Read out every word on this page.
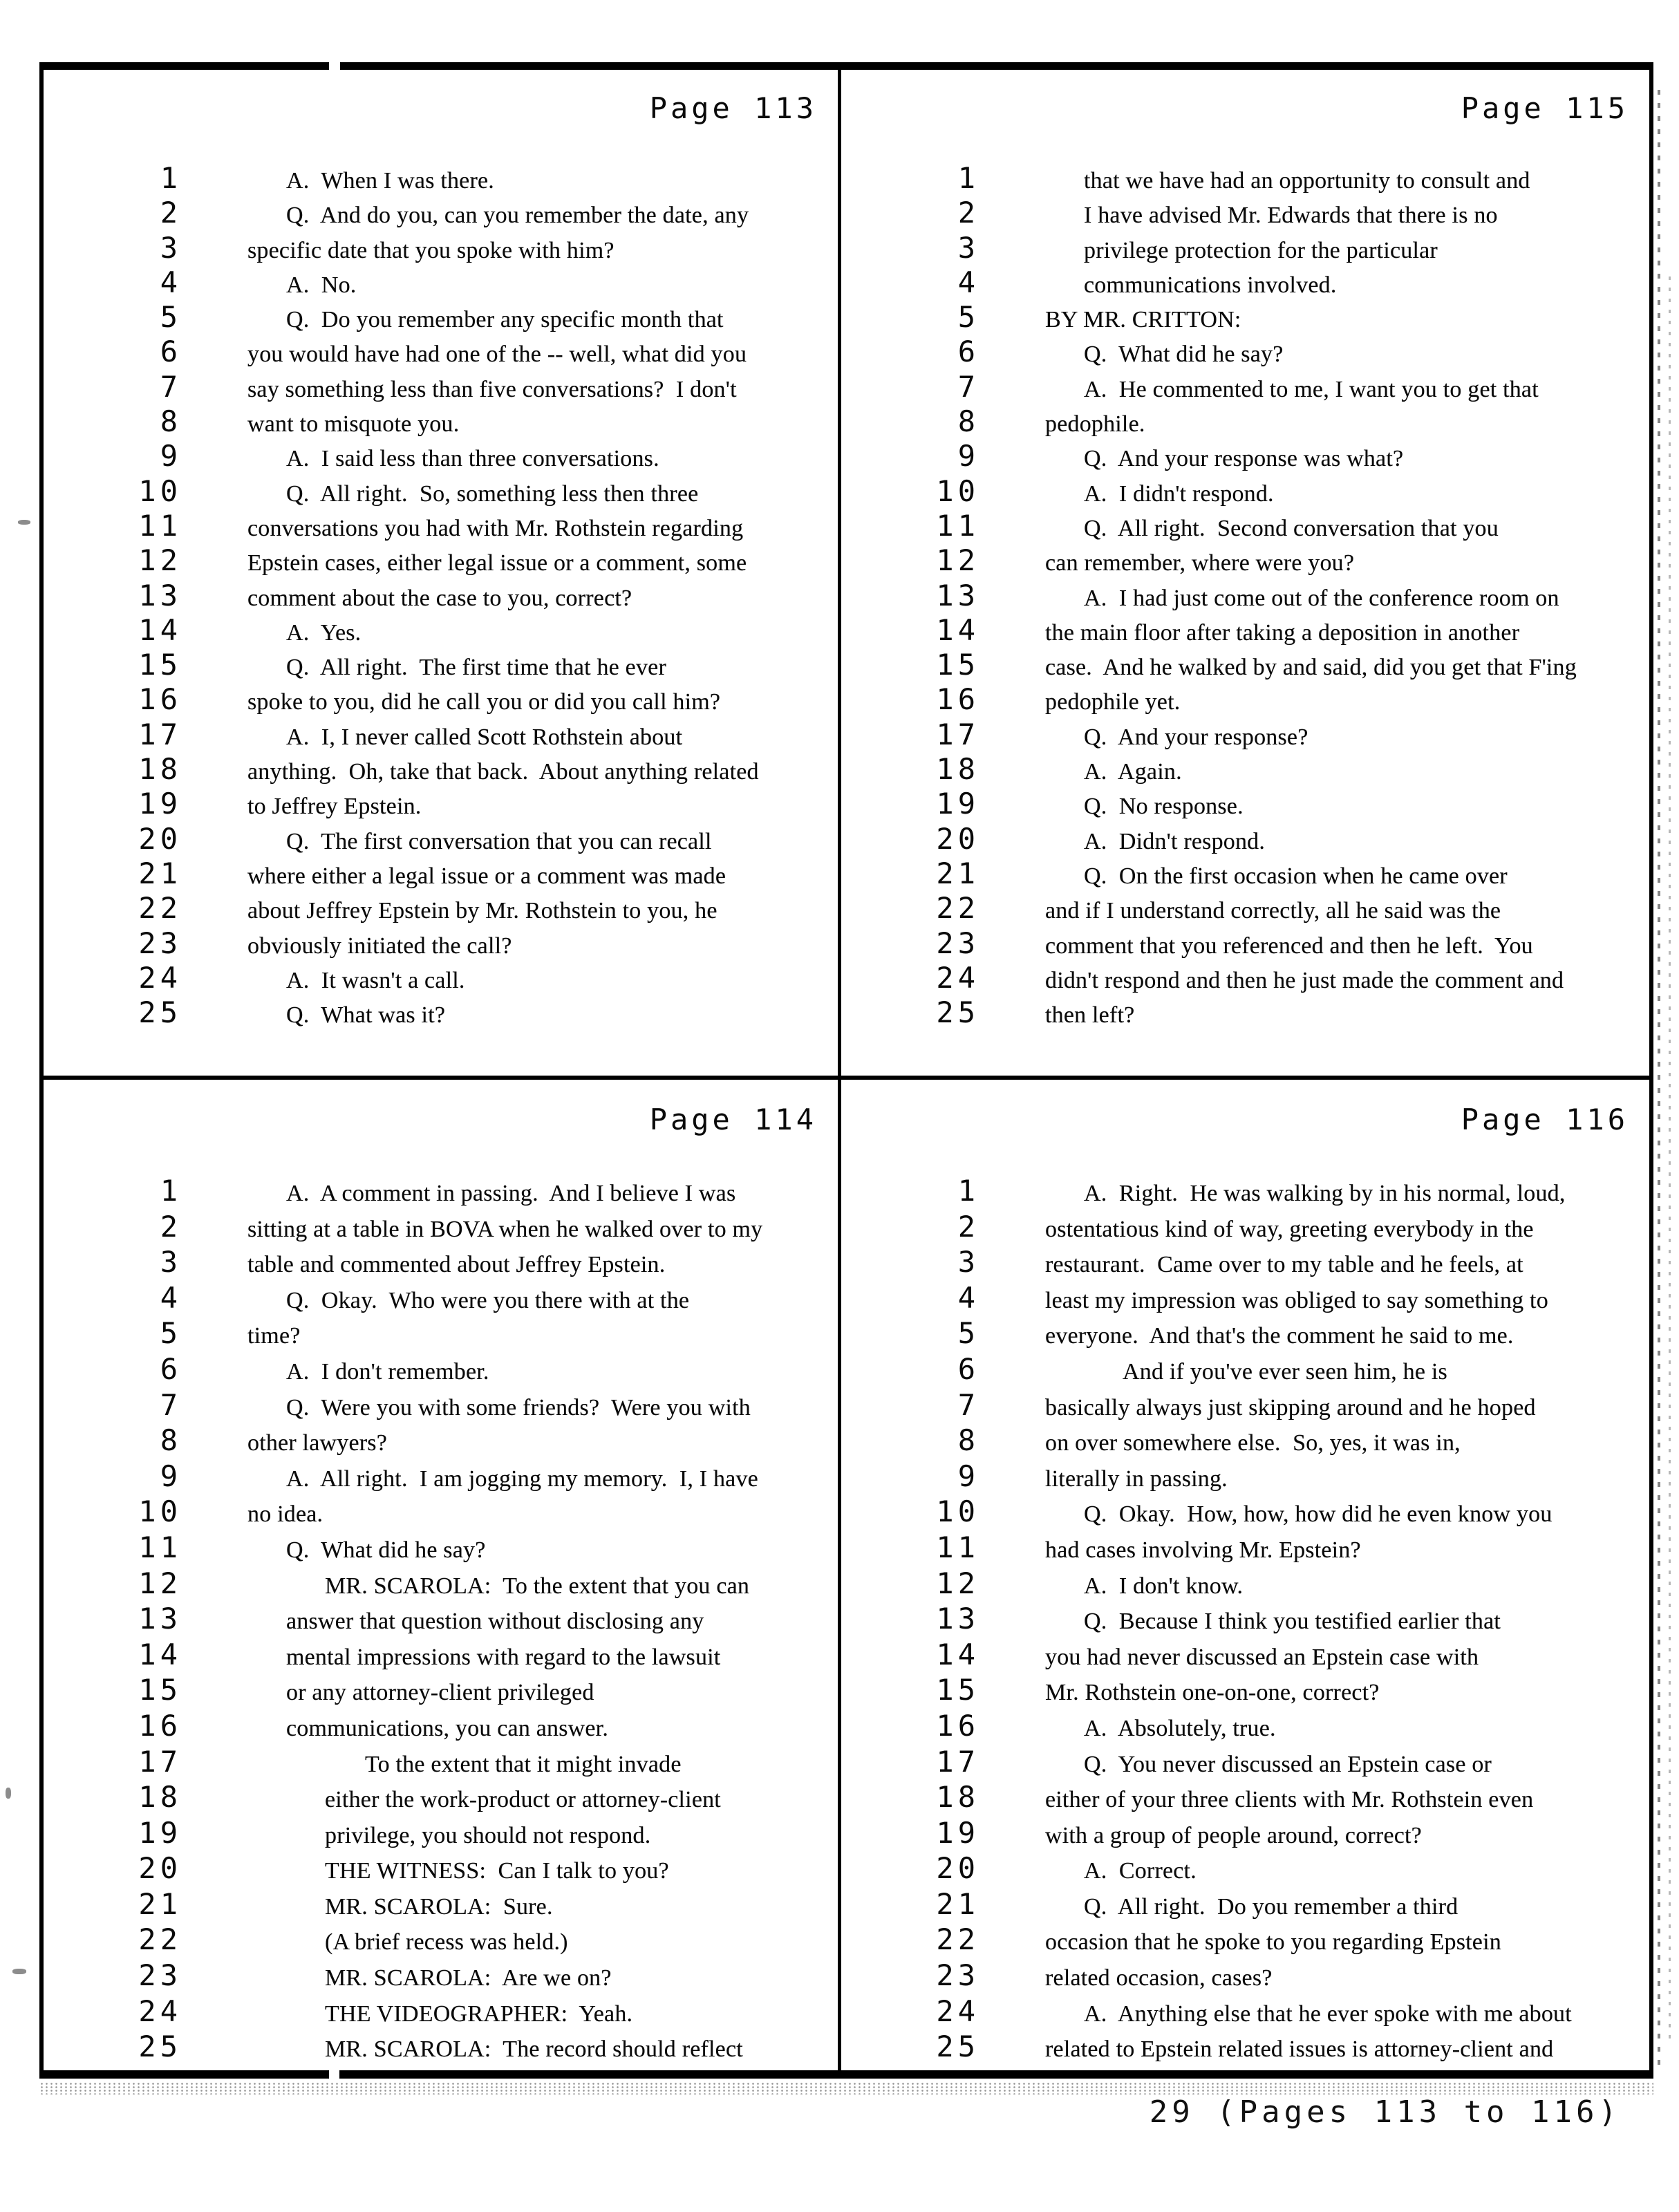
Page 113
1	A.  When I was there.
2	Q.  And do you, can you remember the date, any
3	specific date that you spoke with him?
4	A.  No.
5	Q.  Do you remember any specific month that
6	you would have had one of the -- well, what did you
7	say something less than five conversations?  I don't
8	want to misquote you.
9	A.  I said less than three conversations.
10	Q.  All right.  So, something less then three
11	conversations you had with Mr. Rothstein regarding
12	Epstein cases, either legal issue or a comment, some
13	comment about the case to you, correct?
14	A.  Yes.
15	Q.  All right.  The first time that he ever
16	spoke to you, did he call you or did you call him?
17	A.  I, I never called Scott Rothstein about
18	anything.  Oh, take that back.  About anything related
19	to Jeffrey Epstein.
20	Q.  The first conversation that you can recall
21	where either a legal issue or a comment was made
22	about Jeffrey Epstein by Mr. Rothstein to you, he
23	obviously initiated the call?
24	A.  It wasn't a call.
25	Q.  What was it?
Page 115
1	that we have had an opportunity to consult and
2	I have advised Mr. Edwards that there is no
3	privilege protection for the particular
4	communications involved.
5	BY MR. CRITTON:
6	Q.  What did he say?
7	A.  He commented to me, I want you to get that
8	pedophile.
9	Q.  And your response was what?
10	A.  I didn't respond.
11	Q.  All right.  Second conversation that you
12	can remember, where were you?
13	A.  I had just come out of the conference room on
14	the main floor after taking a deposition in another
15	case.  And he walked by and said, did you get that F'ing
16	pedophile yet.
17	Q.  And your response?
18	A.  Again.
19	Q.  No response.
20	A.  Didn't respond.
21	Q.  On the first occasion when he came over
22	and if I understand correctly, all he said was the
23	comment that you referenced and then he left.  You
24	didn't respond and then he just made the comment and
25	then left?
Page 114
1	A.  A comment in passing.  And I believe I was
2	sitting at a table in BOVA when he walked over to my
3	table and commented about Jeffrey Epstein.
4	Q.  Okay.  Who were you there with at the
5	time?
6	A.  I don't remember.
7	Q.  Were you with some friends?  Were you with
8	other lawyers?
9	A.  All right.  I am jogging my memory.  I, I have
10	no idea.
11	Q.  What did he say?
12	MR. SCAROLA:  To the extent that you can
13	answer that question without disclosing any
14	mental impressions with regard to the lawsuit
15	or any attorney-client privileged
16	communications, you can answer.
17	To the extent that it might invade
18	either the work-product or attorney-client
19	privilege, you should not respond.
20	THE WITNESS:  Can I talk to you?
21	MR. SCAROLA:  Sure.
22	(A brief recess was held.)
23	MR. SCAROLA:  Are we on?
24	THE VIDEOGRAPHER:  Yeah.
25	MR. SCAROLA:  The record should reflect
Page 116
1	A.  Right.  He was walking by in his normal, loud,
2	ostentatious kind of way, greeting everybody in the
3	restaurant.  Came over to my table and he feels, at
4	least my impression was obliged to say something to
5	everyone.  And that's the comment he said to me.
6	And if you've ever seen him, he is
7	basically always just skipping around and he hoped
8	on over somewhere else.  So, yes, it was in,
9	literally in passing.
10	Q.  Okay.  How, how, how did he even know you
11	had cases involving Mr. Epstein?
12	A.  I don't know.
13	Q.  Because I think you testified earlier that
14	you had never discussed an Epstein case with
15	Mr. Rothstein one-on-one, correct?
16	A.  Absolutely, true.
17	Q.  You never discussed an Epstein case or
18	either of your three clients with Mr. Rothstein even
19	with a group of people around, correct?
20	A.  Correct.
21	Q.  All right.  Do you remember a third
22	occasion that he spoke to you regarding Epstein
23	related occasion, cases?
24	A.  Anything else that he ever spoke with me about
25	related to Epstein related issues is attorney-client and
29 (Pages 113 to 116)
